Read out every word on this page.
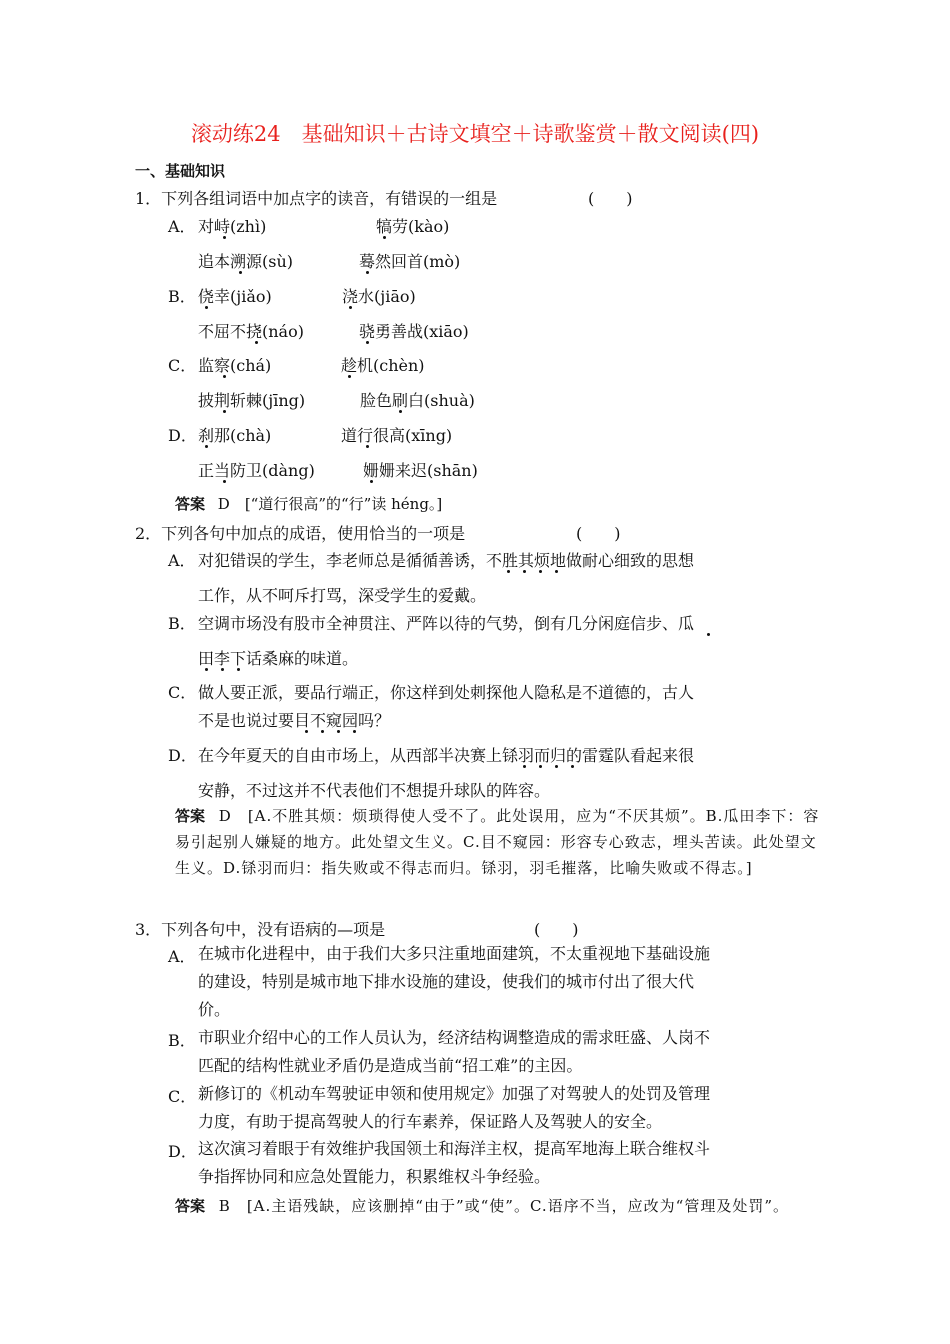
滚动练24　基础知识＋古诗文填空＋诗歌鉴赏＋散文阅读(四)
一、基础知识
1．下列各组词语中加点字的读音，有错误的一组是	(　　)
A． 对峙(zhì)	犒劳(kào)
追本溯源(sù)	蓦然回首(mò)
B． 侥幸(jiǎo)	浇水(jiāo)
不屈不挠(náo)	骁勇善战(xiāo)
C． 监察(chá)	趁机(chèn)
披荆斩棘(jīng)	脸色刷白(shuà)
D． 刹那(chà)	道行很高(xīng)
正当防卫(dàng)	姗姗来迟(shān)
答案 D　[“道行很高”的“行”读 héng。]
2．下列各句中加点的成语，使用恰当的一项是	(　　)
A． 对犯错误的学生，李老师总是循循善诱，不胜其烦地做耐心细致的思想
工作，从不呵斥打骂，深受学生的爱戴。
B． 空调市场没有股市全神贯注、严阵以待的气势，倒有几分闲庭信步、瓜
田李下话桑麻的味道。
C． 做人要正派，要品行端正，你这样到处刺探他人隐私是不道德的，古人
不是也说过要目不窥园吗？
D． 在今年夏天的自由市场上，从西部半决赛上铩羽而归的雷霆队看起来很
安静，不过这并不代表他们不想提升球队的阵容。
答案 D　[A.不胜其烦：烦琐得使人受不了。此处误用，应为“不厌其烦”。B.瓜田李下：容易引起别人嫌疑的地方。此处望文生义。C.目不窥园：形容专心致志，埋头苦读。此处望文生义。D.铩羽而归：指失败或不得志而归。铩羽，羽毛摧落，比喻失败或不得志。]
3．下列各句中，没有语病的—项是	(　　)
A． 在城市化进程中，由于我们大多只注重地面建筑，不太重视地下基础设施的建设，特别是城市地下排水设施的建设，使我们的城市付出了很大代价。
B． 市职业介绍中心的工作人员认为，经济结构调整造成的需求旺盛、人岗不匹配的结构性就业矛盾仍是造成当前“招工难”的主因。
C． 新修订的《机动车驾驶证申领和使用规定》加强了对驾驶人的处罚及管理力度，有助于提高驾驶人的行车素养，保证路人及驾驶人的安全。
D． 这次演习着眼于有效维护我国领土和海洋主权，提高军地海上联合维权斗争指挥协同和应急处置能力，积累维权斗争经验。
答案 B　[A.主语残缺，应该删掉“由于”或“使”。C.语序不当，应改为“管理及处罚”。
